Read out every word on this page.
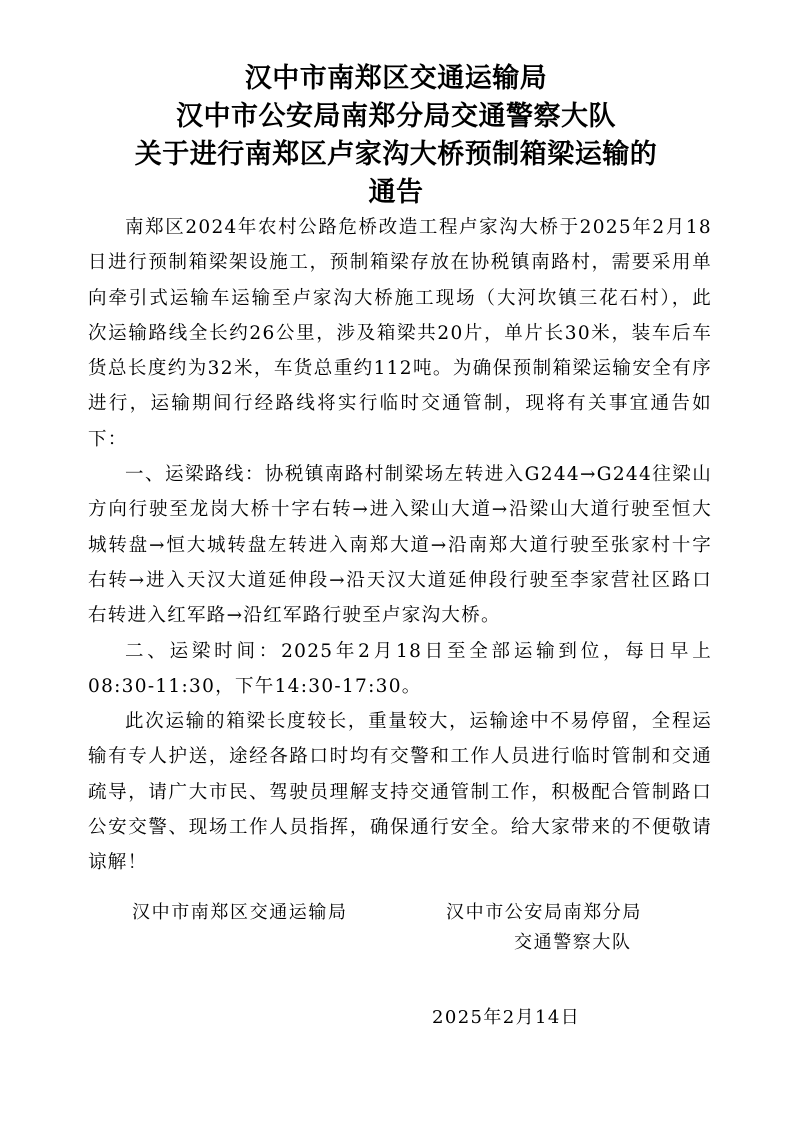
汉中市南郑区交通运输局
汉中市公安局南郑分局交通警察大队
关于进行南郑区卢家沟大桥预制箱梁运输的
通告

南郑区2024年农村公路危桥改造工程卢家沟大桥于2025年2月18日进行预制箱梁架设施工，预制箱梁存放在协税镇南路村，需要采用单向牵引式运输车运输至卢家沟大桥施工现场（大河坎镇三花石村），此次运输路线全长约26公里，涉及箱梁共20片，单片长30米，装车后车货总长度约为32米，车货总重约112吨。为确保预制箱梁运输安全有序进行，运输期间行经路线将实行临时交通管制，现将有关事宜通告如下：

一、运梁路线：协税镇南路村制梁场左转进入G244→G244往梁山方向行驶至龙岗大桥十字右转→进入梁山大道→沿梁山大道行驶至恒大城转盘→恒大城转盘左转进入南郑大道→沿南郑大道行驶至张家村十字右转→进入天汉大道延伸段→沿天汉大道延伸段行驶至李家营社区路口右转进入红军路→沿红军路行驶至卢家沟大桥。

二、运梁时间：2025年2月18日至全部运输到位，每日早上08:30-11:30，下午14:30-17:30。

此次运输的箱梁长度较长，重量较大，运输途中不易停留，全程运输有专人护送，途经各路口时均有交警和工作人员进行临时管制和交通疏导，请广大市民、驾驶员理解支持交通管制工作，积极配合管制路口公安交警、现场工作人员指挥，确保通行安全。给大家带来的不便敬请谅解！

汉中市南郑区交通运输局	汉中市公安局南郑分局
交通警察大队
2025年2月14日
